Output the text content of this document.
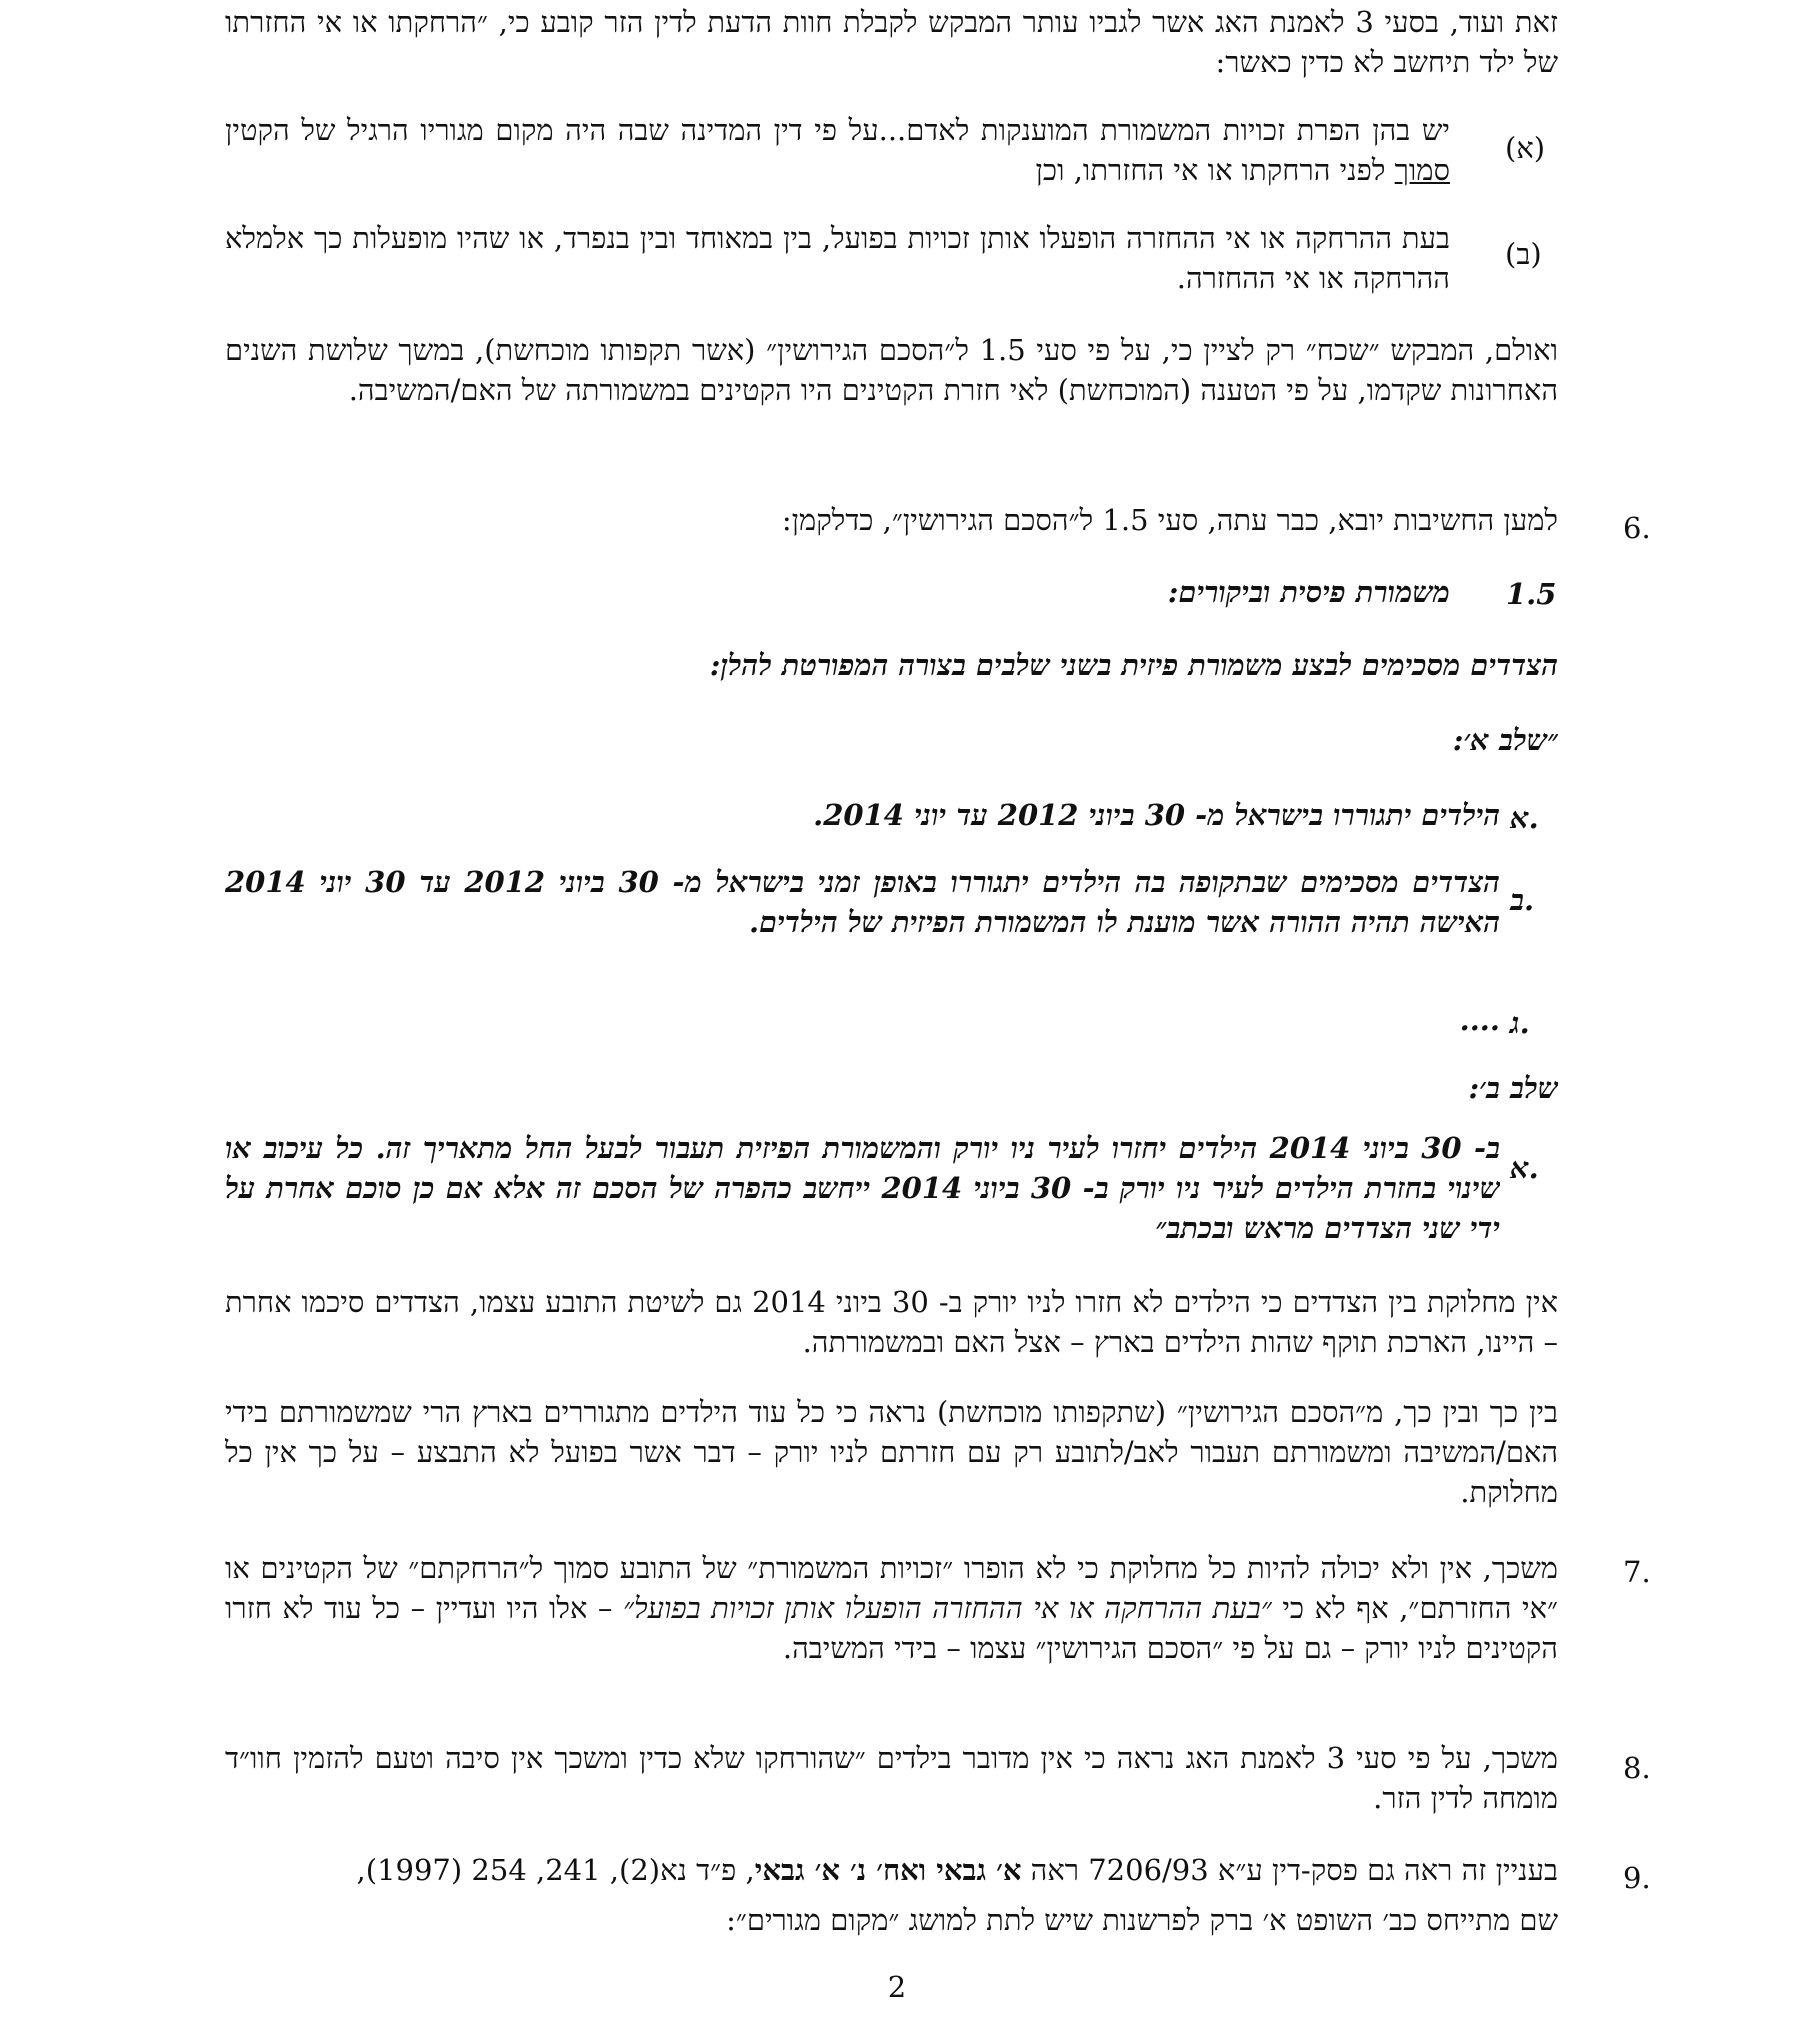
זאת ועוד, בסעי 3 לאמנת האג אשר לגביו עותר המבקש לקבלת חוות הדעת לדין הזר קובע כי, ״הרחקתו או אי החזרתו של ילד תיחשב לא כדין כאשר:

(א)

יש בהן הפרת זכויות המשמורת המוענקות לאדם...על פי דין המדינה שבה היה מקום מגוריו הרגיל של הקטין סמוך לפני הרחקתו או אי החזרתו, וכן

(ב)

בעת ההרחקה או אי ההחזרה הופעלו אותן זכויות בפועל, בין במאוחד ובין בנפרד, או שהיו מופעלות כך אלמלא ההרחקה או אי ההחזרה.

ואולם, המבקש ״שכח״ רק לציין כי, על פי סעי 1.5 ל״הסכם הגירושין״ (אשר תקפותו מוכחשת), במשך שלושת השנים האחרונות שקדמו, על פי הטענה (המוכחשת) לאי חזרת הקטינים היו הקטינים במשמורתה של האם/המשיבה.

6.

למען החשיבות יובא, כבר עתה, סעי 1.5 ל״הסכם הגירושין״, כדלקמן:

1.5

משמורת פיסית וביקורים:

הצדדים מסכימים לבצע משמורת פיזית בשני שלבים בצורה המפורטת להלן:

״שלב א׳:

א.

הילדים יתגוררו בישראל מ- 30 ביוני 2012 עד יוני 2014.

ב.

הצדדים מסכימים שבתקופה בה הילדים יתגוררו באופן זמני בישראל מ- 30 ביוני 2012 עד 30 יוני 2014 האישה תהיה ההורה אשר מוענת לו המשמורת הפיזית של הילדים.

ג.

....

שלב ב׳:

א.

ב- 30 ביוני 2014 הילדים יחזרו לעיר ניו יורק והמשמורת הפיזית תעבור לבעל החל מתאריך זה. כל עיכוב או שינוי בחזרת הילדים לעיר ניו יורק ב- 30 ביוני 2014 ייחשב כהפרה של הסכם זה אלא אם כן סוכם אחרת על ידי שני הצדדים מראש ובכתב״

אין מחלוקת בין הצדדים כי הילדים לא חזרו לניו יורק ב- 30 ביוני 2014 גם לשיטת התובע עצמו, הצדדים סיכמו אחרת – היינו, הארכת תוקף שהות הילדים בארץ – אצל האם ובמשמורתה.

בין כך ובין כך, מ״הסכם הגירושין״ (שתקפותו מוכחשת) נראה כי כל עוד הילדים מתגוררים בארץ הרי שמשמורתם בידי האם/המשיבה ומשמורתם תעבור לאב/לתובע רק עם חזרתם לניו יורק – דבר אשר בפועל לא התבצע – על כך אין כל מחלוקת.

7.

משכך, אין ולא יכולה להיות כל מחלוקת כי לא הופרו ״זכויות המשמורת״ של התובע סמוך ל״הרחקתם״ של הקטינים או ״אי החזרתם״, אף לא כי ״בעת ההרחקה או אי ההחזרה הופעלו אותן זכויות בפועל״ – אלו היו ועדיין – כל עוד לא חזרו הקטינים לניו יורק – גם על פי ״הסכם הגירושין״ עצמו – בידי המשיבה.

8.

משכך, על פי סעי 3 לאמנת האג נראה כי אין מדובר בילדים ״שהורחקו שלא כדין ומשכך אין סיבה וטעם להזמין חוו״ד מומחה לדין הזר.

9.

בעניין זה ראה גם פסק-דין ע״א 7206/93 ראה א׳ גבאי ואח׳ נ׳ א׳ גבאי, פ״ד נא(2), 241, 254 (1997),

שם מתייחס כב׳ השופט א׳ ברק לפרשנות שיש לתת למושג ״מקום מגורים״:

2
